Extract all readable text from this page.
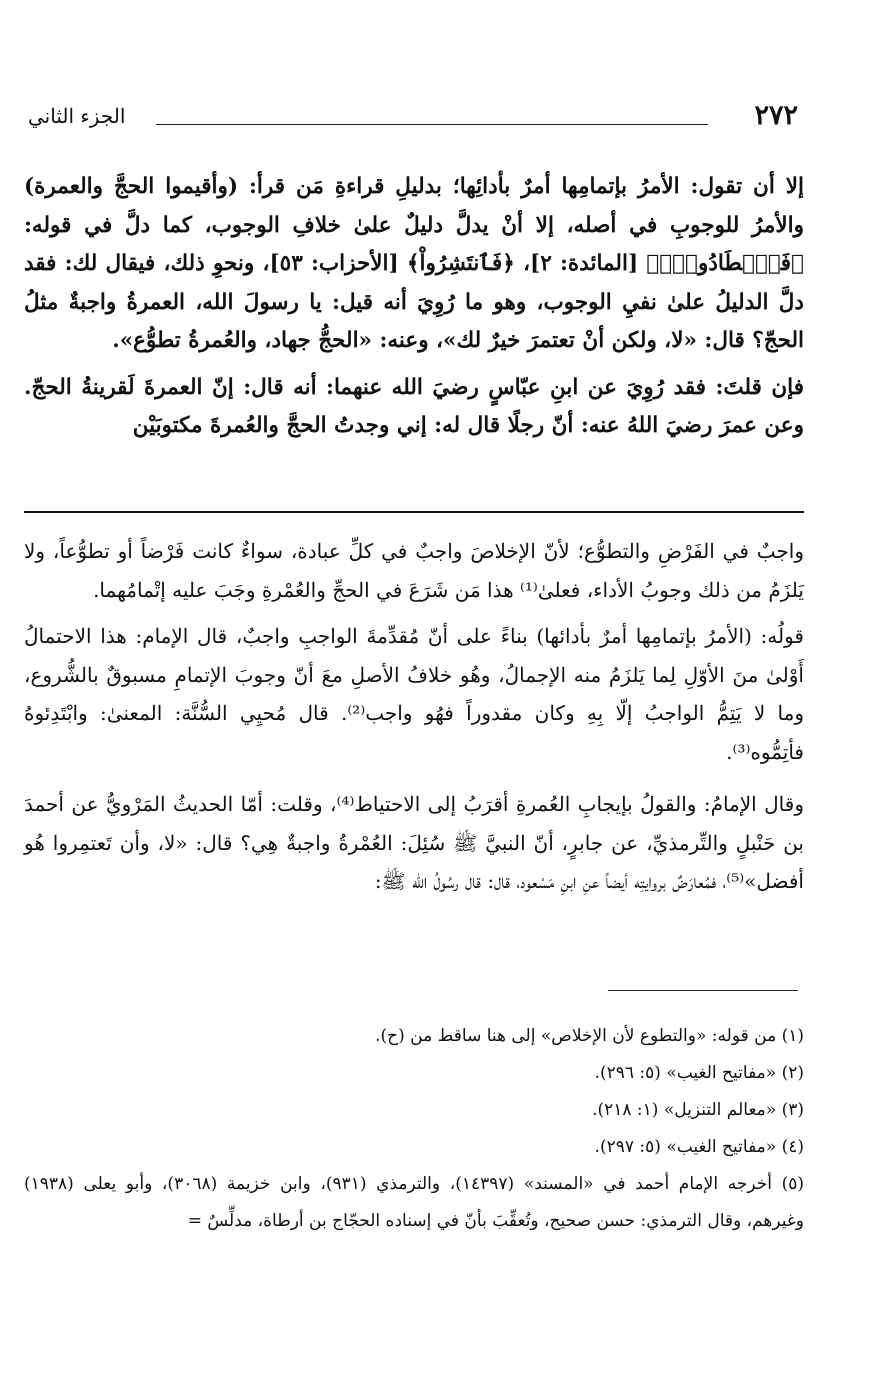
٢٧٢
الجزء الثاني

إلا أن تقول: الأمرُ بإتمامِها أمرٌ بأدائِها؛ بدليلِ قراءةِ مَن قرأ: (وأقيموا الحجَّ والعمرة) والأمرُ للوجوبِ في أصله، إلا أنْ يدلَّ دليلٌ علىٰ خلافِ الوجوب، كما دلَّ في قوله: ﴿فَٱصۡطَادُواْۚ﴾ [المائدة: ٢]، ﴿فَٱنتَشِرُواْ﴾ [الأحزاب: ٥٣]، ونحوِ ذلك، فيقال لك: فقد دلَّ الدليلُ علىٰ نفيِ الوجوب، وهو ما رُوِيَ أنه قيل: يا رسولَ الله، العمرةُ واجبةٌ مثلُ الحجّ؟ قال: «لا، ولكن أنْ تعتمرَ خيرٌ لك»، وعنه: «الحجُّ جهاد، والعُمرةُ تطوُّع».

فإن قلتَ: فقد رُوِيَ عن ابنِ عبّاسٍ رضيَ الله عنهما: أنه قال: إنّ العمرةَ لَقرينةُ الحجّ. وعن عمرَ رضيَ اللهُ عنه: أنّ رجلًا قال له: إني وجدتُ الحجَّ والعُمرةَ مكتوبَيْن

واجبٌ في الفَرْضِ والتطوُّع؛ لأنّ الإخلاصَ واجبٌ في كلِّ عبادة، سواءٌ كانت فَرْضاً أو تطوُّعاً، ولا يَلزَمُ من ذلك وجوبُ الأداء، فعلىٰ⁽¹⁾ هذا مَن شَرَعَ في الحجِّ والعُمْرةِ وجَبَ عليه إتْمامُهما.

قولُه: (الأمرُ بإتمامِها أمرٌ بأدائها) بناءً على أنّ مُقدِّمةَ الواجبِ واجبٌ، قال الإمام: هذا الاحتمالُ أَوْلىٰ منَ الأوّلِ لِما يَلزَمُ منه الإجمالُ، وهُو خلافُ الأصلِ معَ أنّ وجوبَ الإتمامِ مسبوقٌ بالشُّروع، وما لا يَتِمُّ الواجبُ إلّا بِهِ وكان مقدوراً فهُو واجب⁽²⁾. قال مُحيِي السُّنَّة: المعنىٰ: وابْتَدِئوهُ فأتِمُّوه⁽³⁾.

وقال الإمامُ: والقولُ بإيجابِ العُمرةِ أقرَبُ إلى الاحتياط⁽⁴⁾، وقلت: أمّا الحديثُ المَرْويُّ عن أحمدَ بن حَنْبلٍ والتِّرمذيِّ، عن جابرٍ، أنّ النبيَّ ﷺ سُئِلَ: العُمْرةُ واجبةٌ هِي؟ قال: «لا، وأن تَعتمِروا هُو أفضل»⁽⁵⁾، فمُعارَضٌ بروايتِه أيضاً عنِ ابنِ مَسْعود، قال: قال رسُولُ الله ﷺ:

(١) من قوله: «والتطوع لأن الإخلاص» إلى هنا ساقط من (ح).

(٢) «مفاتيح الغيب» (٥: ٢٩٦).

(٣) «معالم التنزيل» (١: ٢١٨).

(٤) «مفاتيح الغيب» (٥: ٢٩٧).

(٥) أخرجه الإمام أحمد في «المسند» (١٤٣٩٧)، والترمذي (٩٣١)، وابن خزيمة (٣٠٦٨)، وأبو يعلى (١٩٣٨) وغيرهم، وقال الترمذي: حسن صحيح، وتُعقِّبَ بأنّ في إسناده الحجّاج بن أرطاة، مدلِّسٌ =
